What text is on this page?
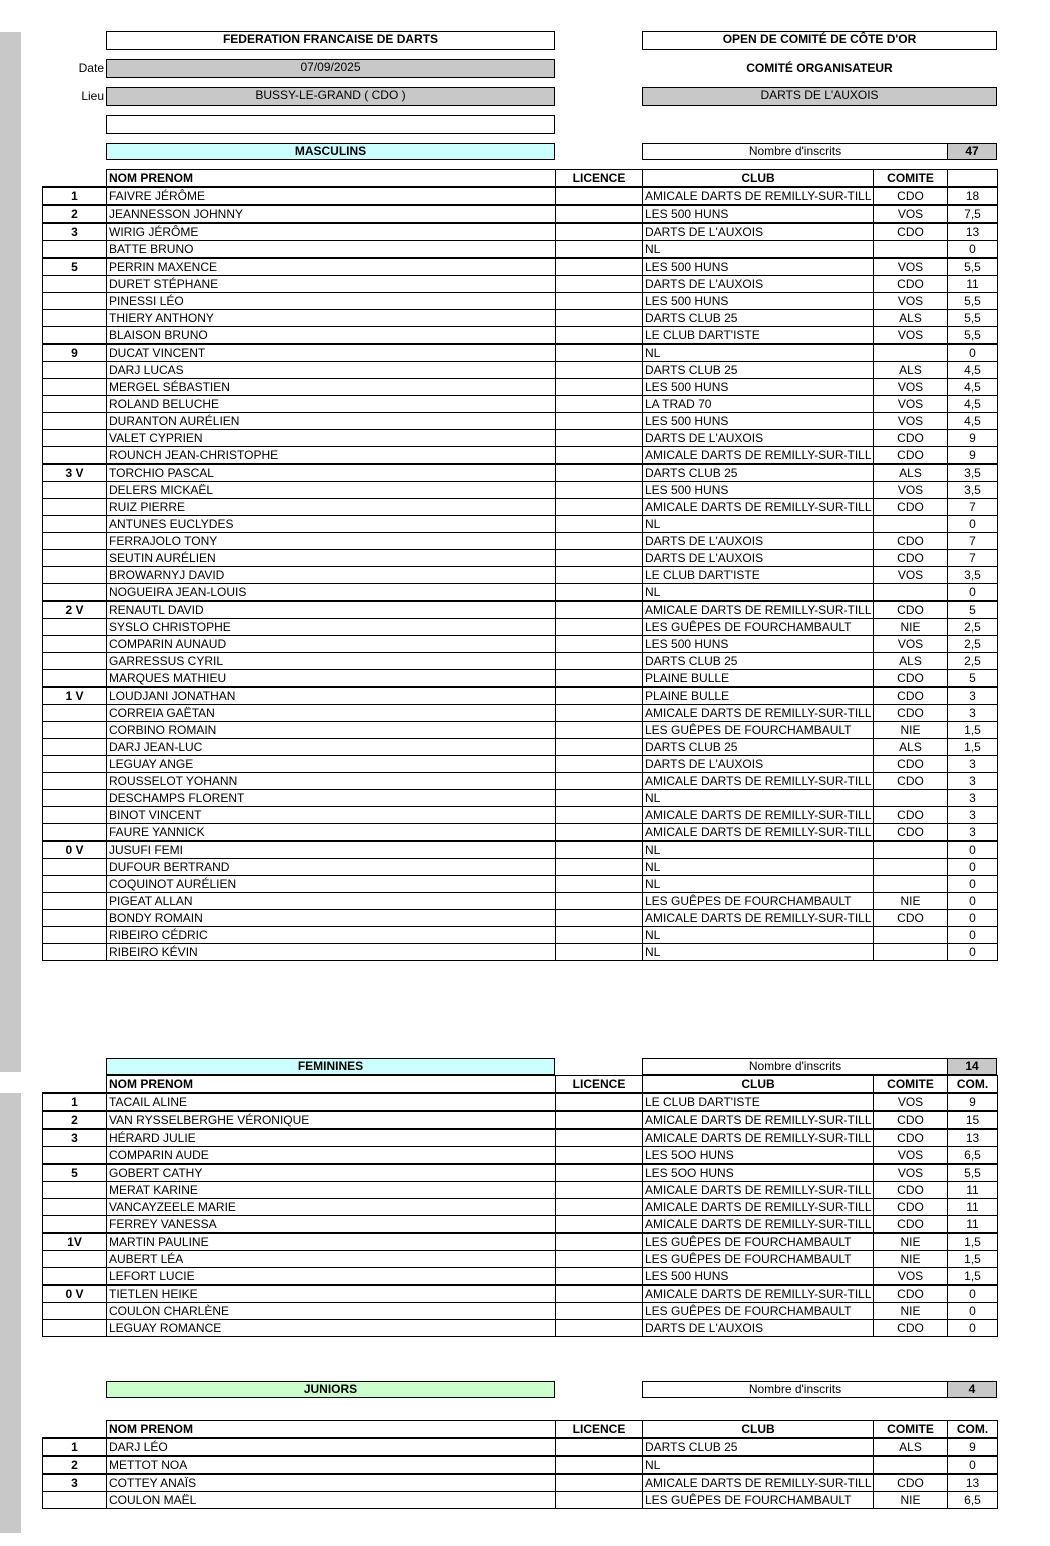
FEDERATION FRANCAISE DE DARTS	OPEN DE COMITÉ DE CÔTE D'OR
Date	07/09/2025	COMITÉ ORGANISATEUR
Lieu	BUSSY-LE-GRAND ( CDO )	DARTS DE L'AUXOIS
MASCULINS	Nombre d'inscrits	47
	NOM PRENOM	LICENCE	CLUB	COMITE	
1	FAIVRE JÉRÔME		AMICALE DARTS DE REMILLY-SUR-TILL	CDO	18
2	JEANNESSON JOHNNY		LES 500 HUNS	VOS	7,5
3	WIRIG JÉRÔME		DARTS DE L'AUXOIS	CDO	13
	BATTE BRUNO		NL		0
5	PERRIN MAXENCE		LES 500 HUNS	VOS	5,5
	DURET STÉPHANE		DARTS DE L'AUXOIS	CDO	11
	PINESSI LÉO		LES 500 HUNS	VOS	5,5
	THIERY ANTHONY		DARTS CLUB 25	ALS	5,5
	BLAISON BRUNO		LE CLUB DART'ISTE	VOS	5,5
9	DUCAT VINCENT		NL		0
	DARJ LUCAS		DARTS CLUB 25	ALS	4,5
	MERGEL SÉBASTIEN		LES 500 HUNS	VOS	4,5
	ROLAND BELUCHE		LA TRAD 70	VOS	4,5
	DURANTON AURÉLIEN		LES 500 HUNS	VOS	4,5
	VALET CYPRIEN		DARTS DE L'AUXOIS	CDO	9
	ROUNCH JEAN-CHRISTOPHE		AMICALE DARTS DE REMILLY-SUR-TILL	CDO	9
3 V	TORCHIO PASCAL		DARTS CLUB 25	ALS	3,5
	DELERS MICKAËL		LES 500 HUNS	VOS	3,5
	RUIZ PIERRE		AMICALE DARTS DE REMILLY-SUR-TILL	CDO	7
	ANTUNES EUCLYDES		NL		0
	FERRAJOLO TONY		DARTS DE L'AUXOIS	CDO	7
	SEUTIN AURÉLIEN		DARTS DE L'AUXOIS	CDO	7
	BROWARNYJ DAVID		LE CLUB DART'ISTE	VOS	3,5
	NOGUEIRA JEAN-LOUIS		NL		0
2 V	RENAUTL DAVID		AMICALE DARTS DE REMILLY-SUR-TILL	CDO	5
	SYSLO CHRISTOPHE		LES GUÊPES DE FOURCHAMBAULT	NIE	2,5
	COMPARIN AUNAUD		LES 500 HUNS	VOS	2,5
	GARRESSUS CYRIL		DARTS CLUB 25	ALS	2,5
	MARQUES MATHIEU		PLAINE BULLE	CDO	5
1 V	LOUDJANI JONATHAN		PLAINE BULLE	CDO	3
	CORREIA GAËTAN		AMICALE DARTS DE REMILLY-SUR-TILL	CDO	3
	CORBINO ROMAIN		LES GUÊPES DE FOURCHAMBAULT	NIE	1,5
	DARJ JEAN-LUC		DARTS CLUB 25	ALS	1,5
	LEGUAY ANGE		DARTS DE L'AUXOIS	CDO	3
	ROUSSELOT YOHANN		AMICALE DARTS DE REMILLY-SUR-TILL	CDO	3
	DESCHAMPS FLORENT		NL		3
	BINOT VINCENT		AMICALE DARTS DE REMILLY-SUR-TILL	CDO	3
	FAURE YANNICK		AMICALE DARTS DE REMILLY-SUR-TILL	CDO	3
0 V	JUSUFI FEMI		NL		0
	DUFOUR BERTRAND		NL		0
	COQUINOT AURÉLIEN		NL		0
	PIGEAT ALLAN		LES GUÊPES DE FOURCHAMBAULT	NIE	0
	BONDY ROMAIN		AMICALE DARTS DE REMILLY-SUR-TILL	CDO	0
	RIBEIRO CÉDRIC		NL		0
	RIBEIRO KÉVIN		NL		0
FEMININES	Nombre d'inscrits	14
	NOM PRENOM	LICENCE	CLUB	COMITE	COM.
1	TACAIL ALINE		LE CLUB DART'ISTE	VOS	9
2	VAN RYSSELBERGHE VÉRONIQUE		AMICALE DARTS DE REMILLY-SUR-TILL	CDO	15
3	HÉRARD JULIE		AMICALE DARTS DE REMILLY-SUR-TILL	CDO	13
	COMPARIN AUDE		LES 5OO HUNS	VOS	6,5
5	GOBERT CATHY		LES 5OO HUNS	VOS	5,5
	MERAT KARINE		AMICALE DARTS DE REMILLY-SUR-TILL	CDO	11
	VANCAYZEELE MARIE		AMICALE DARTS DE REMILLY-SUR-TILL	CDO	11
	FERREY VANESSA		AMICALE DARTS DE REMILLY-SUR-TILL	CDO	11
1V	MARTIN PAULINE		LES GUÊPES DE FOURCHAMBAULT	NIE	1,5
	AUBERT LÉA		LES GUÊPES DE FOURCHAMBAULT	NIE	1,5
	LEFORT LUCIE		LES 500 HUNS	VOS	1,5
0 V	TIETLEN HEIKE		AMICALE DARTS DE REMILLY-SUR-TILL	CDO	0
	COULON CHARLÈNE		LES GUÊPES DE FOURCHAMBAULT	NIE	0
	LEGUAY ROMANCE		DARTS DE L'AUXOIS	CDO	0
JUNIORS	Nombre d'inscrits	4
	NOM PRENOM	LICENCE	CLUB	COMITE	COM.
1	DARJ LÉO		DARTS CLUB 25	ALS	9
2	METTOT NOA		NL		0
3	COTTEY ANAÏS		AMICALE DARTS DE REMILLY-SUR-TILL	CDO	13
	COULON MAËL		LES GUÊPES DE FOURCHAMBAULT	NIE	6,5
